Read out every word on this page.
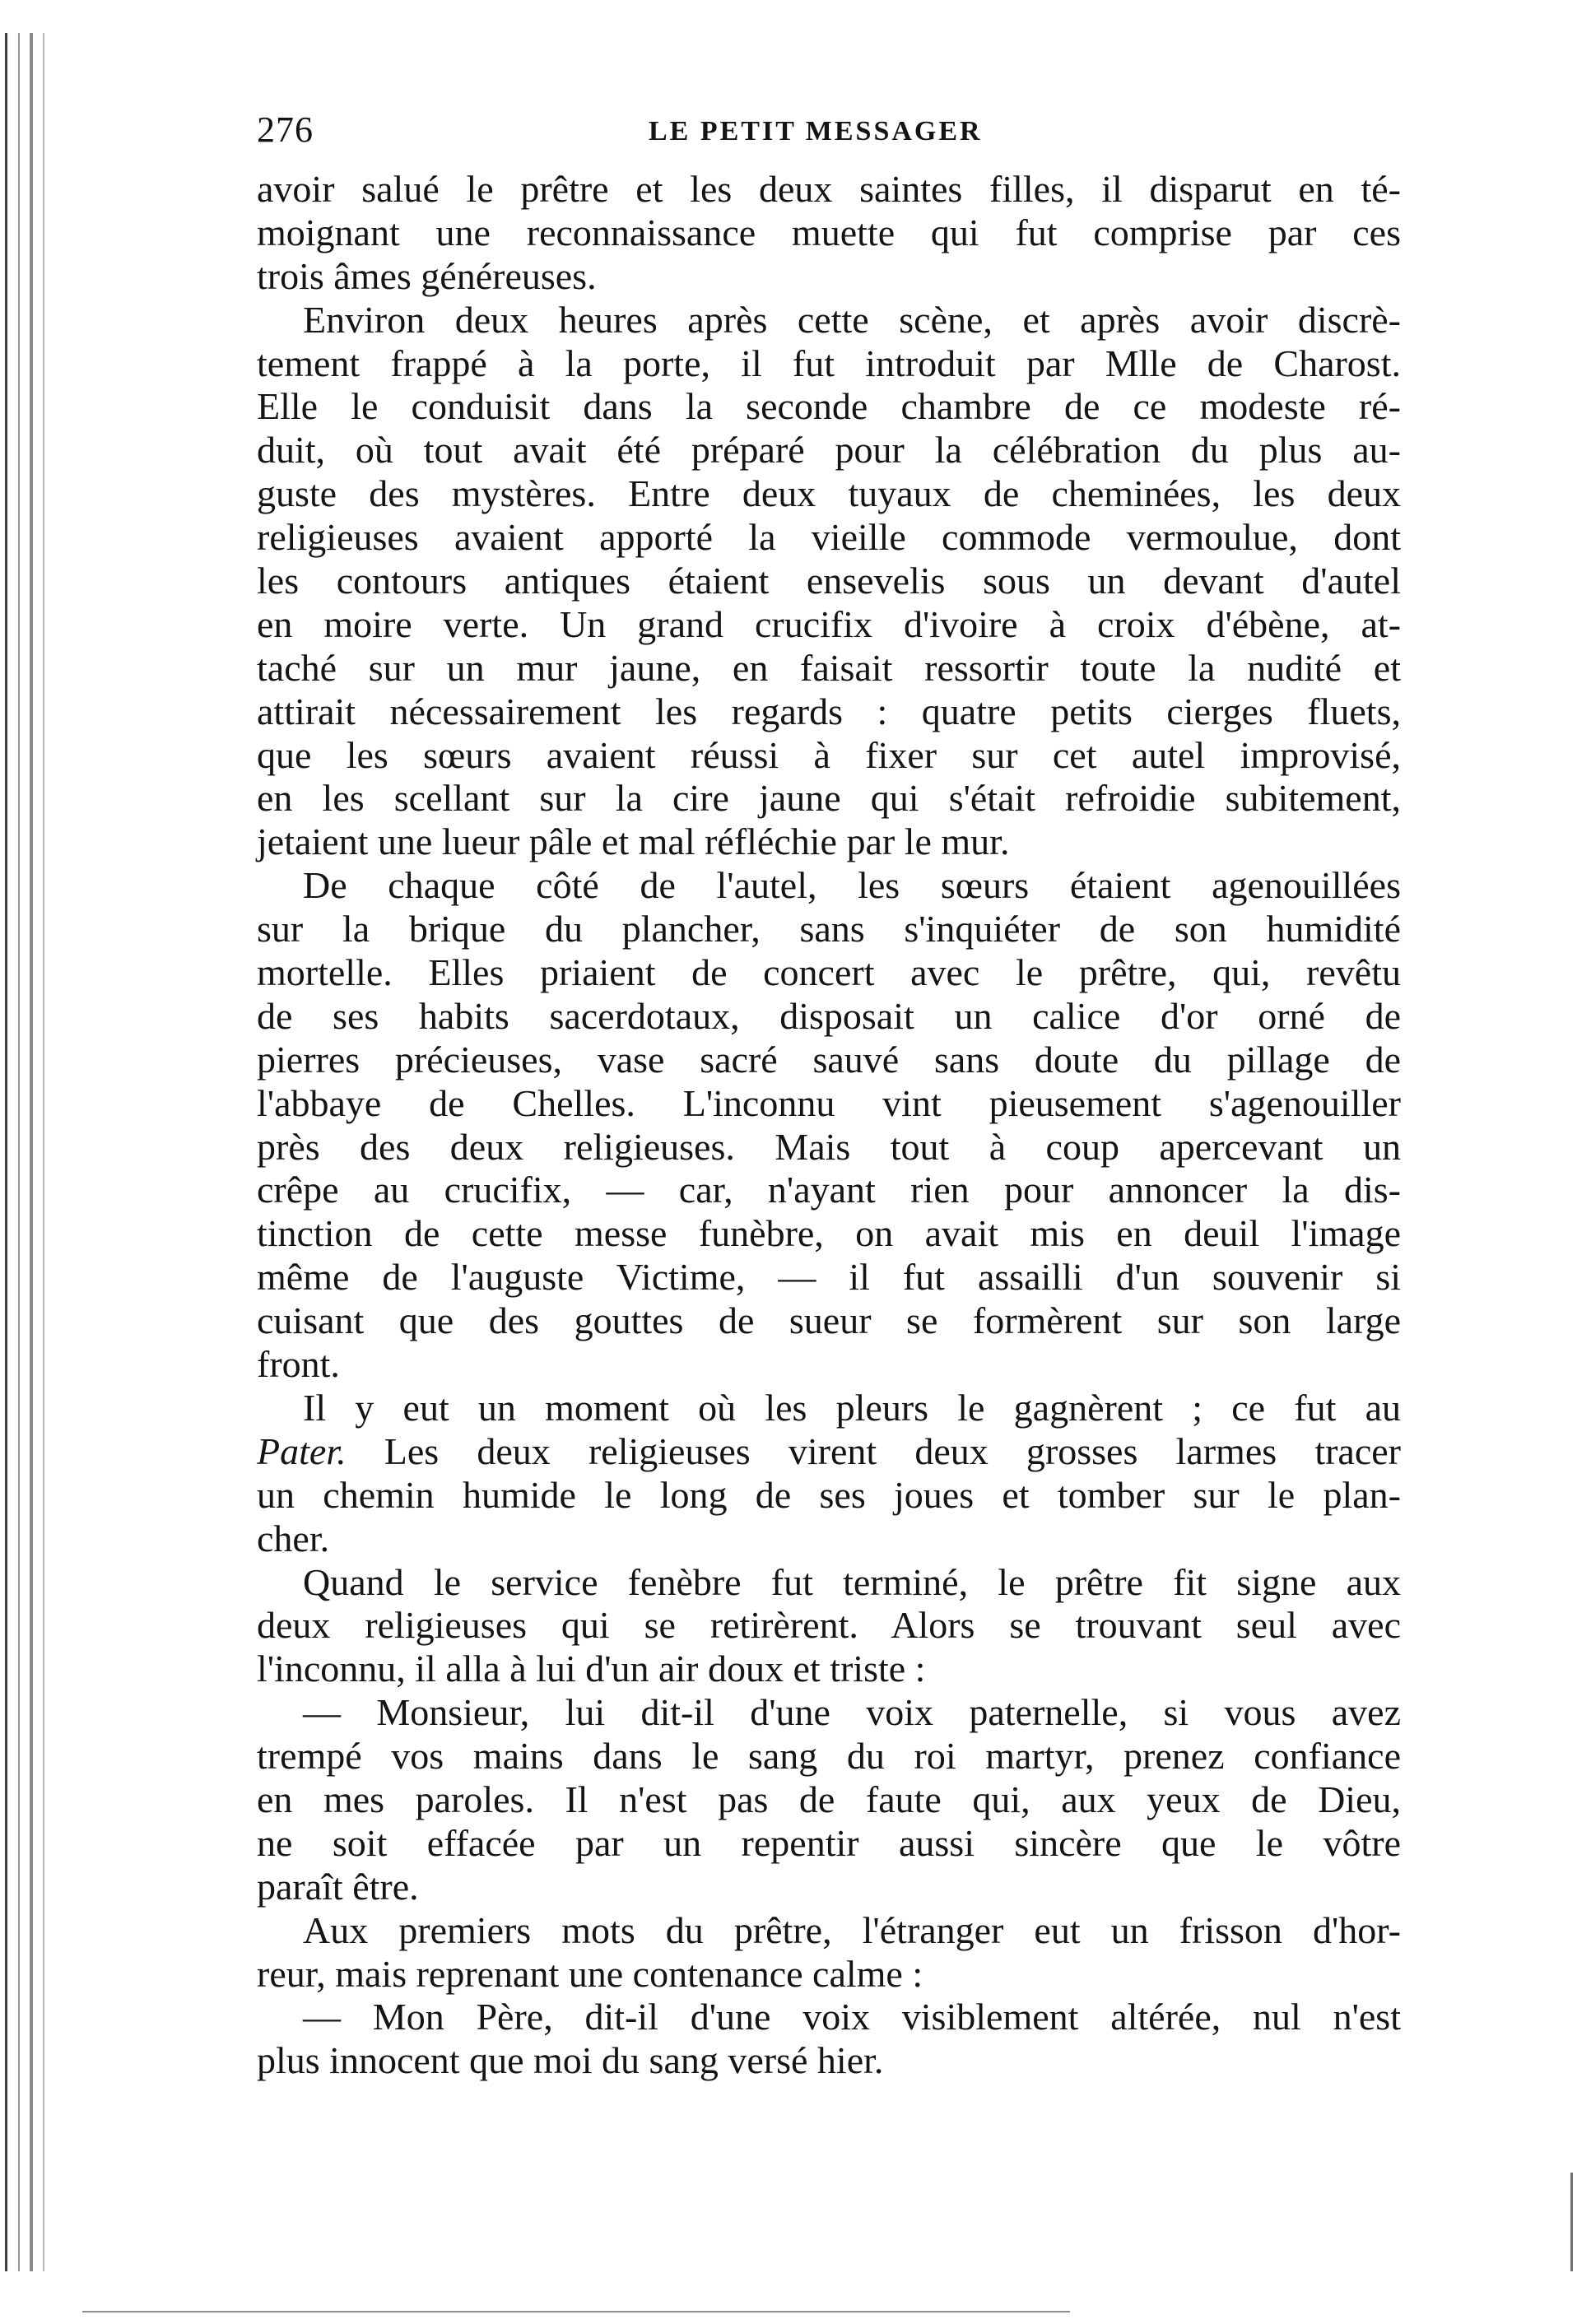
276	LE PETIT MESSAGER
avoir salué le prêtre et les deux saintes filles, il disparut en té-
moignant une reconnaissance muette qui fut comprise par ces
trois âmes généreuses.
Environ deux heures après cette scène, et après avoir discrè-
tement frappé à la porte, il fut introduit par Mlle de Charost.
Elle le conduisit dans la seconde chambre de ce modeste ré-
duit, où tout avait été préparé pour la célébration du plus au-
guste des mystères. Entre deux tuyaux de cheminées, les deux
religieuses avaient apporté la vieille commode vermoulue, dont
les contours antiques étaient ensevelis sous un devant d'autel
en moire verte. Un grand crucifix d'ivoire à croix d'ébène, at-
taché sur un mur jaune, en faisait ressortir toute la nudité et
attirait nécessairement les regards : quatre petits cierges fluets,
que les sœurs avaient réussi à fixer sur cet autel improvisé,
en les scellant sur la cire jaune qui s'était refroidie subitement,
jetaient une lueur pâle et mal réfléchie par le mur.
De chaque côté de l'autel, les sœurs étaient agenouillées
sur la brique du plancher, sans s'inquiéter de son humidité
mortelle. Elles priaient de concert avec le prêtre, qui, revêtu
de ses habits sacerdotaux, disposait un calice d'or orné de
pierres précieuses, vase sacré sauvé sans doute du pillage de
l'abbaye de Chelles. L'inconnu vint pieusement s'agenouiller
près des deux religieuses. Mais tout à coup apercevant un
crêpe au crucifix, — car, n'ayant rien pour annoncer la dis-
tinction de cette messe funèbre, on avait mis en deuil l'image
même de l'auguste Victime, — il fut assailli d'un souvenir si
cuisant que des gouttes de sueur se formèrent sur son large
front.
Il y eut un moment où les pleurs le gagnèrent ; ce fut au
Pater. Les deux religieuses virent deux grosses larmes tracer
un chemin humide le long de ses joues et tomber sur le plan-
cher.
Quand le service fenèbre fut terminé, le prêtre fit signe aux
deux religieuses qui se retirèrent. Alors se trouvant seul avec
l'inconnu, il alla à lui d'un air doux et triste :
— Monsieur, lui dit-il d'une voix paternelle, si vous avez
trempé vos mains dans le sang du roi martyr, prenez confiance
en mes paroles. Il n'est pas de faute qui, aux yeux de Dieu,
ne soit effacée par un repentir aussi sincère que le vôtre
paraît être.
Aux premiers mots du prêtre, l'étranger eut un frisson d'hor-
reur, mais reprenant une contenance calme :
— Mon Père, dit-il d'une voix visiblement altérée, nul n'est
plus innocent que moi du sang versé hier.
